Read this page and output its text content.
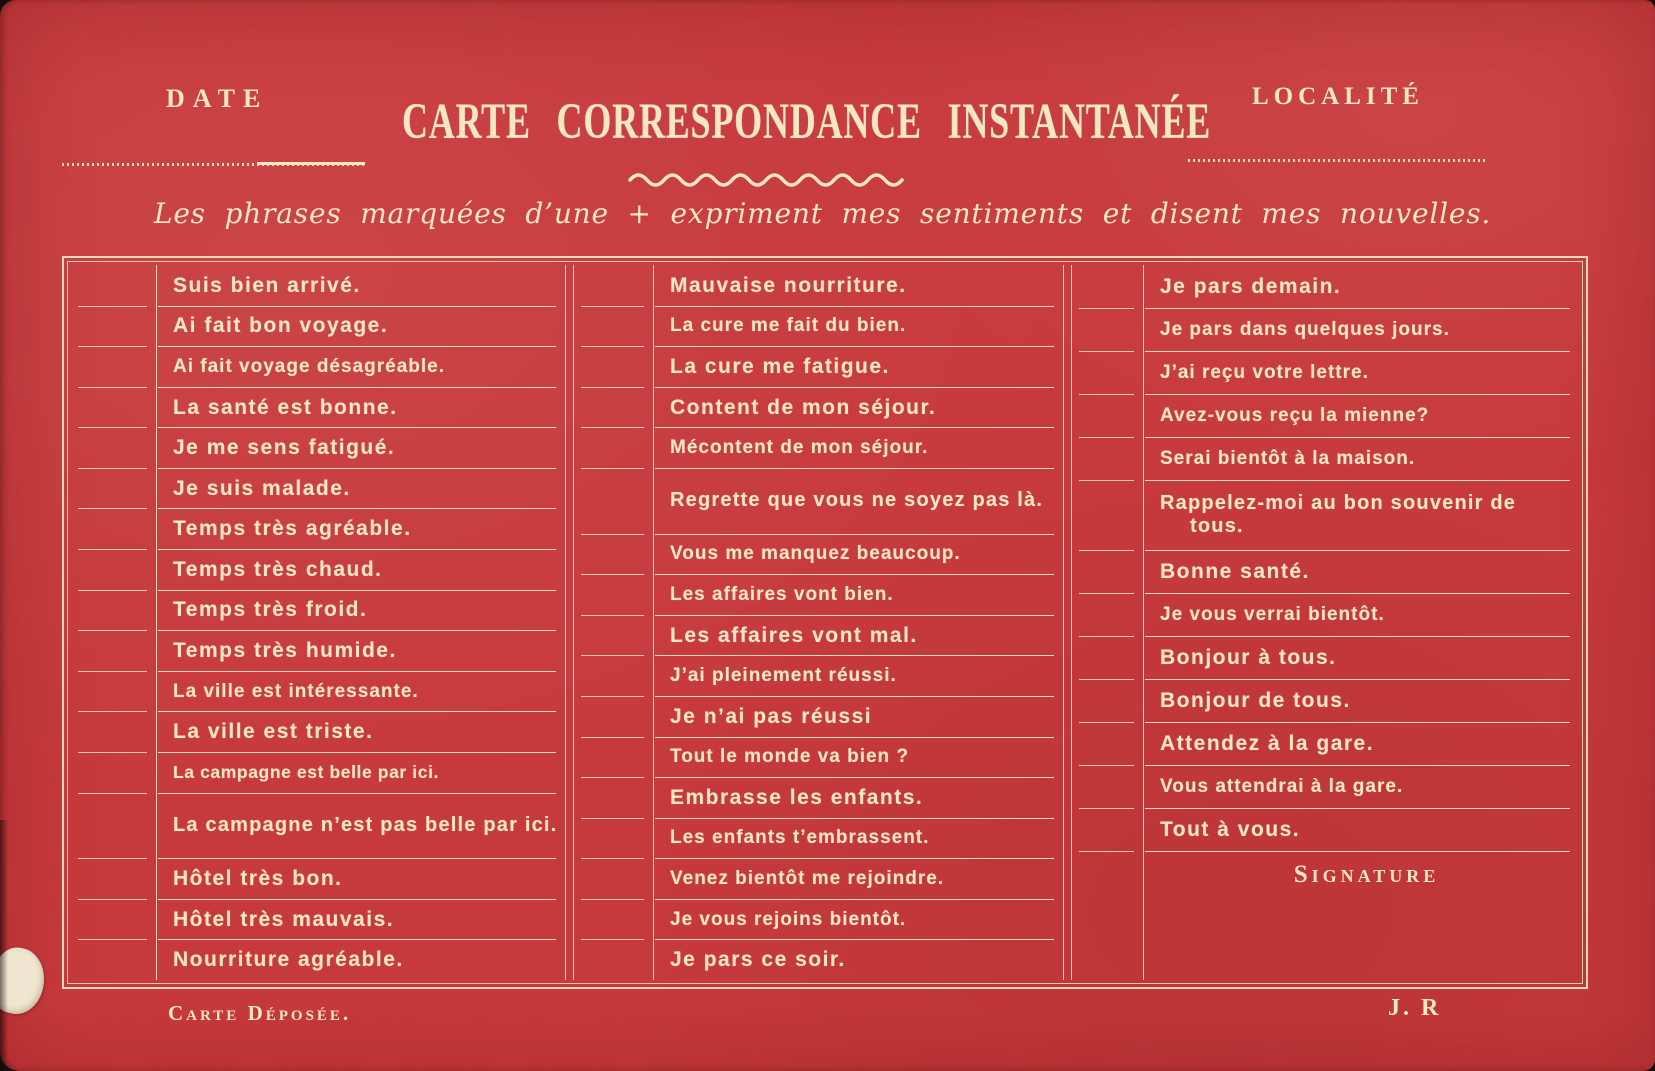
DATE	CARTE CORRESPONDANCE INSTANTANÉE	LOCALITÉ
Les phrases marquées d’une + expriment mes sentiments et disent mes nouvelles.
Suis bien arrivé.
Ai fait bon voyage.
Ai fait voyage désagréable.
La santé est bonne.
Je me sens fatigué.
Je suis malade.
Temps très agréable.
Temps très chaud.
Temps très froid.
Temps très humide.
La ville est intéressante.
La ville est triste.
La campagne est belle par ici.
La campagne n’est pas belle par ici.
Hôtel très bon.
Hôtel très mauvais.
Nourriture agréable.
Mauvaise nourriture.
La cure me fait du bien.
La cure me fatigue.
Content de mon séjour.
Mécontent de mon séjour.
Regrette que vous ne soyez pas là.
Vous me manquez beaucoup.
Les affaires vont bien.
Les affaires vont mal.
J’ai pleinement réussi.
Je n’ai pas réussi
Tout le monde va bien ?
Embrasse les enfants.
Les enfants t’embrassent.
Venez bientôt me rejoindre.
Je vous rejoins bientôt.
Je pars ce soir.
Je pars demain.
Je pars dans quelques jours.
J’ai reçu votre lettre.
Avez-vous reçu la mienne?
Serai bientôt à la maison.
Rappelez-moi au bon souvenir de tous.
Bonne santé.
Je vous verrai bientôt.
Bonjour à tous.
Bonjour de tous.
Attendez à la gare.
Vous attendrai à la gare.
Tout à vous.
Signature
Carte Déposée.	J. R
